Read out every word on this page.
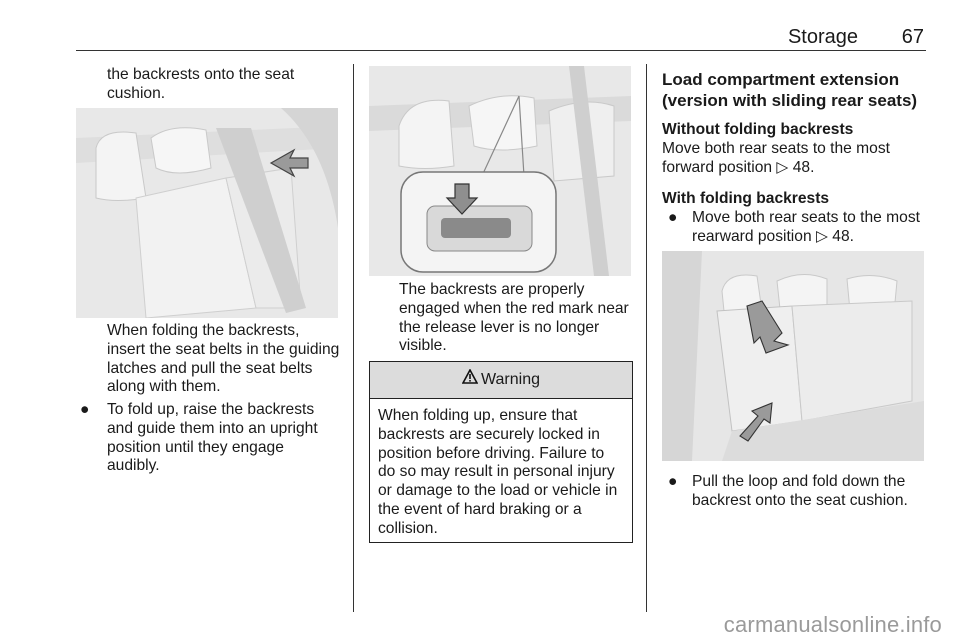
Storage	67
the backrests onto the seat
cushion.
When folding the backrests,
insert the seat belts in the guiding
latches and pull the seat belts
along with them.
● To fold up, raise the backrests
and guide them into an upright
position until they engage
audibly.
The backrests are properly
engaged when the red mark near
the release lever is no longer
visible.
Warning
When folding up, ensure that
backrests are securely locked in
position before driving. Failure to
do so may result in personal injury
or damage to the load or vehicle in
the event of hard braking or a
collision.
Load compartment extension
(version with sliding rear seats)
Without folding backrests
Move both rear seats to the most
forward position ▷ 48.
With folding backrests
● Move both rear seats to the most
rearward position ▷ 48.
● Pull the loop and fold down the
backrest onto the seat cushion.
carmanualsonline.info
